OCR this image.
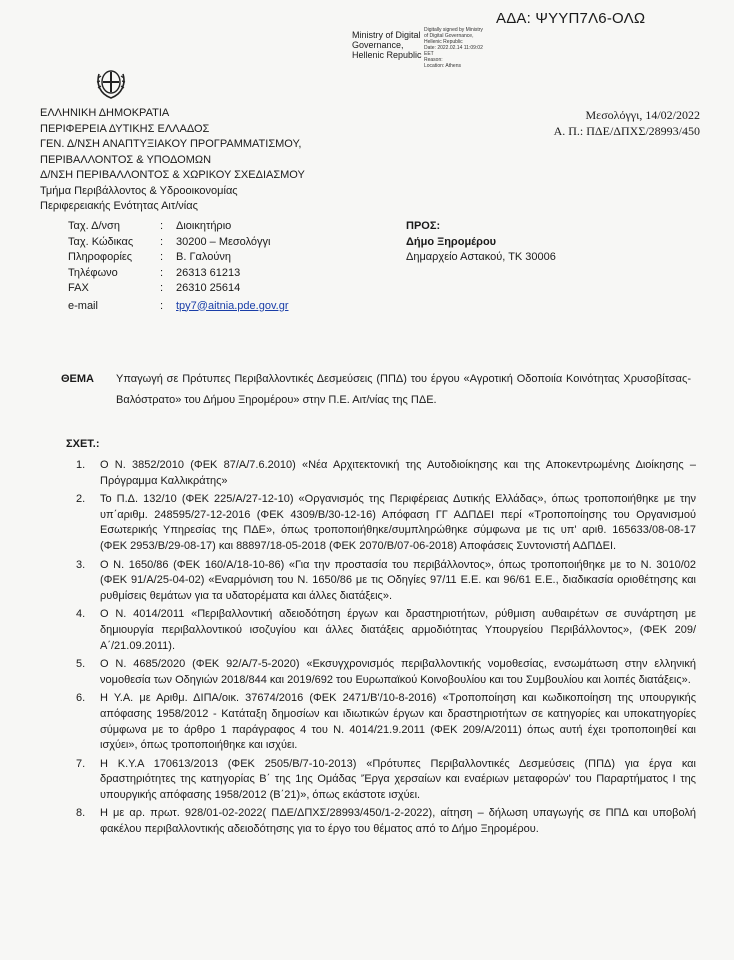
ΑΔΑ: ΨΥΥΠ7Λ6-ΟΛΩ
Ministry of Digital
Governance,
Hellenic Republic
Digitally signed by Ministry
of Digital Governance,
Hellenic Republic
Date: 2022.02.14 11:09:02
EET
Reason:
Location: Athens
ΕΛΛΗΝΙΚΗ ΔΗΜΟΚΡΑΤΙΑ
ΠΕΡΙΦΕΡΕΙΑ ΔΥΤΙΚΗΣ ΕΛΛΑΔΟΣ
ΓΕΝ. Δ/ΝΣΗ ΑΝΑΠΤΥΞΙΑΚΟΥ ΠΡΟΓΡΑΜΜΑΤΙΣΜΟΥ,
ΠΕΡΙΒΑΛΛΟΝΤΟΣ & ΥΠΟΔΟΜΩΝ
Δ/ΝΣΗ ΠΕΡΙΒΑΛΛΟΝΤΟΣ & ΧΩΡΙΚΟΥ ΣΧΕΔΙΑΣΜΟΥ
Τμήμα Περιβάλλοντος & Υδροοικονομίας
Περιφερειακής Ενότητας Αιτ/νίας
Μεσολόγγι, 14/02/2022
Α. Π.: ΠΔΕ/ΔΠΧΣ/28993/450
Ταχ. Δ/νση	:	Διοικητήριο
Ταχ. Κώδικας	:	30200 – Μεσολόγγι
Πληροφορίες	:	Β. Γαλούνη
Τηλέφωνο	:	26313 61213
FAX	:	26310 25614
e-mail	:	tpy7@aitnia.pde.gov.gr
ΠΡΟΣ:
Δήμο Ξηρομέρου
Δημαρχείο Αστακού, ΤΚ 30006
ΘΕΜΑ Υπαγωγή σε Πρότυπες Περιβαλλοντικές Δεσμεύσεις (ΠΠΔ) του έργου «Αγροτική Οδοποιία Κοινότητας Χρυσοβίτσας-Βαλόστρατο» του Δήμου Ξηρομέρου» στην Π.Ε. Αιτ/νίας της ΠΔΕ.
ΣΧΕΤ.:
1.	Ο Ν. 3852/2010 (ΦΕΚ 87/Α/7.6.2010) «Νέα Αρχιτεκτονική της Αυτοδιοίκησης και της Αποκεντρωμένης Διοίκησης – Πρόγραμμα Καλλικράτης»
2.	Το Π.Δ. 132/10 (ΦΕΚ 225/Α/27-12-10) «Οργανισμός της Περιφέρειας Δυτικής Ελλάδας», όπως τροποποιήθηκε με την υπ΄αριθμ. 248595/27-12-2016 (ΦΕΚ 4309/Β/30-12-16) Απόφαση ΓΓ ΑΔΠΔΕΙ περί «Τροποποίησης του Οργανισμού Εσωτερικής Υπηρεσίας της ΠΔΕ», όπως τροποποιήθηκε/συμπληρώθηκε σύμφωνα με τις υπ' αριθ. 165633/08-08-17 (ΦΕΚ 2953/Β/29-08-17) και 88897/18-05-2018 (ΦΕΚ 2070/Β/07-06-2018) Αποφάσεις Συντονιστή ΑΔΠΔΕΙ.
3.	Ο Ν. 1650/86 (ΦΕΚ 160/Α/18-10-86) «Για την προστασία του περιβάλλοντος», όπως τροποποιήθηκε με το Ν. 3010/02 (ΦΕΚ 91/Α/25-04-02) «Εναρμόνιση του Ν. 1650/86 με τις Οδηγίες 97/11 Ε.Ε. και 96/61 Ε.Ε., διαδικασία οριοθέτησης και ρυθμίσεις θεμάτων για τα υδατορέματα και άλλες διατάξεις».
4.	Ο Ν. 4014/2011 «Περιβαλλοντική αδειοδότηση έργων και δραστηριοτήτων, ρύθμιση αυθαιρέτων σε συνάρτηση με δημιουργία περιβαλλοντικού ισοζυγίου και άλλες διατάξεις αρμοδιότητας Υπουργείου Περιβάλλοντος», (ΦΕΚ 209/Α΄/21.09.2011).
5.	Ο Ν. 4685/2020 (ΦΕΚ 92/Α/7-5-2020) «Εκσυγχρονισμός περιβαλλοντικής νομοθεσίας, ενσωμάτωση στην ελληνική νομοθεσία των Οδηγιών 2018/844 και 2019/692 του Ευρωπαϊκού Κοινοβουλίου και του Συμβουλίου και λοιπές διατάξεις».
6.	Η Υ.Α. με Αριθμ. ΔΙΠΑ/οικ. 37674/2016 (ΦΕΚ 2471/Β'/10-8-2016) «Τροποποίηση και κωδικοποίηση της υπουργικής απόφασης 1958/2012 - Κατάταξη δημοσίων και ιδιωτικών έργων και δραστηριοτήτων σε κατηγορίες και υποκατηγορίες σύμφωνα με το άρθρο 1 παράγραφος 4 του Ν. 4014/21.9.2011 (ΦΕΚ 209/Α/2011) όπως αυτή έχει τροποποιηθεί και ισχύει», όπως τροποποιήθηκε και ισχύει.
7.	Η Κ.Υ.Α 170613/2013 (ΦΕΚ 2505/Β/7-10-2013) «Πρότυπες Περιβαλλοντικές Δεσμεύσεις (ΠΠΔ) για έργα και δραστηριότητες της κατηγορίας Β΄ της 1ης Ομάδας 'Έργα χερσαίων και εναέριων μεταφορών' του Παραρτήματος Ι της υπουργικής απόφασης 1958/2012 (Β΄21)», όπως εκάστοτε ισχύει.
8.	Η με αρ. πρωτ. 928/01-02-2022( ΠΔΕ/ΔΠΧΣ/28993/450/1-2-2022), αίτηση – δήλωση υπαγωγής σε ΠΠΔ και υποβολή φακέλου περιβαλλοντικής αδειοδότησης για το έργο του θέματος από το Δήμο Ξηρομέρου.
